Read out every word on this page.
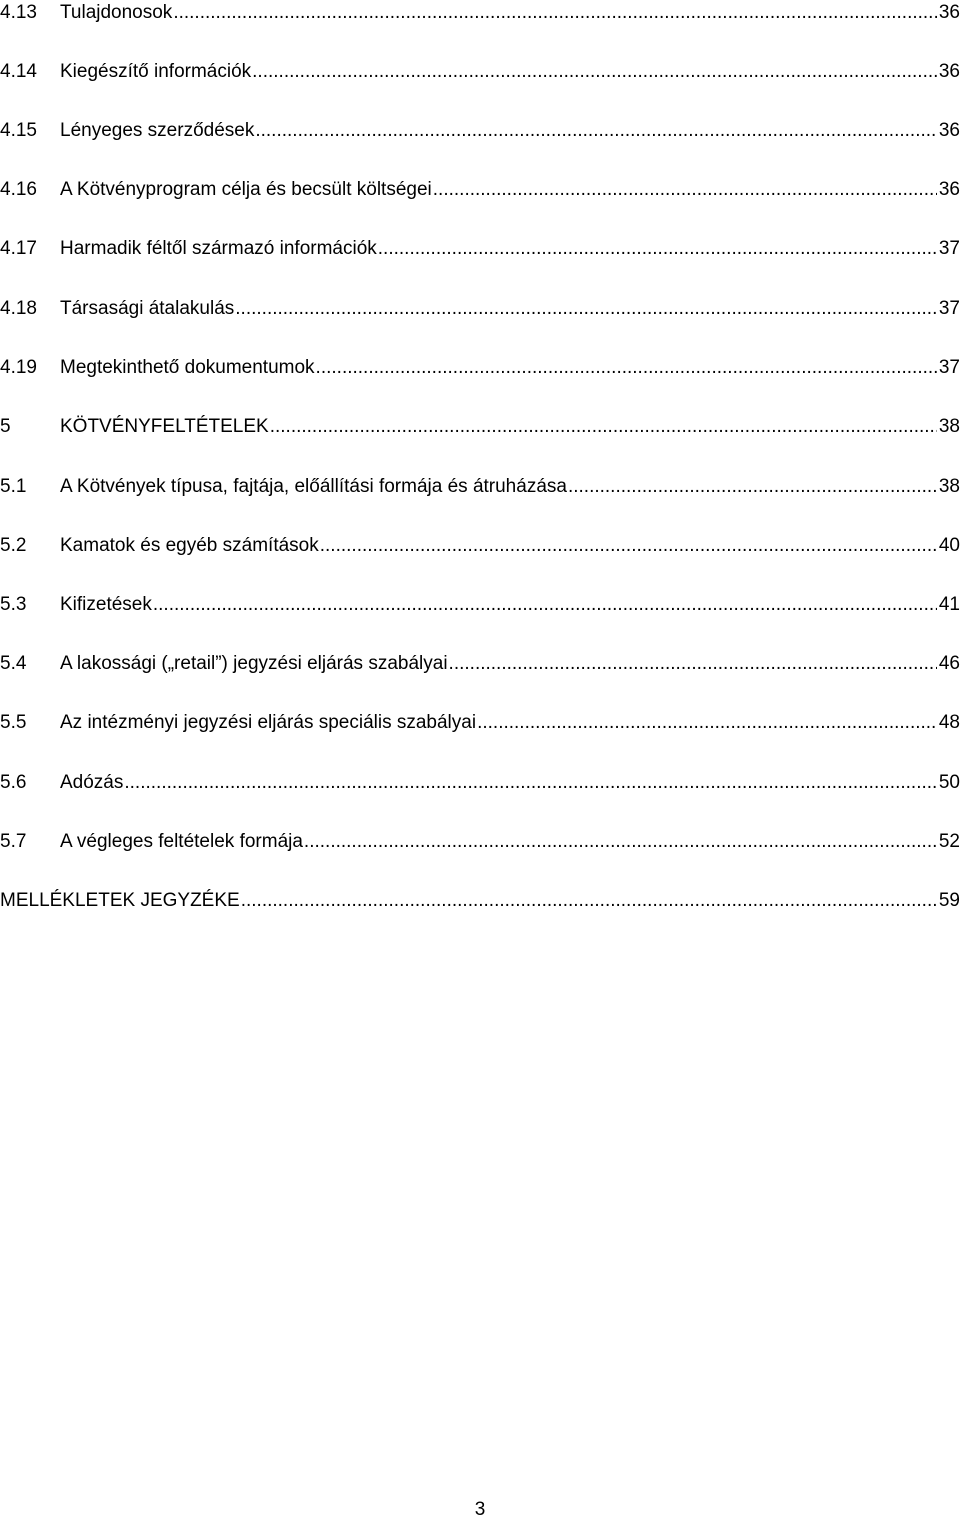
4.13	Tulajdonosok .....	36
4.14	Kiegészítő információk .....	36
4.15	Lényeges szerződések .....	36
4.16	A Kötvényprogram célja és becsült költségei .....	36
4.17	Harmadik féltől származó információk .....	37
4.18	Társasági átalakulás .....	37
4.19	Megtekinthető dokumentumok .....	37
5	KÖTVÉNYFELTÉTELEK .....	38
5.1	A Kötvények típusa, fajtája, előállítási formája és átruházása .....	38
5.2	Kamatok és egyéb számítások .....	40
5.3	Kifizetések .....	41
5.4	A lakossági („retail”) jegyzési eljárás szabályai .....	46
5.5	Az intézményi jegyzési eljárás speciális szabályai .....	48
5.6	Adózás .....	50
5.7	A végleges feltételek formája .....	52
MELLÉKLETEK JEGYZÉKE .....	59
3
